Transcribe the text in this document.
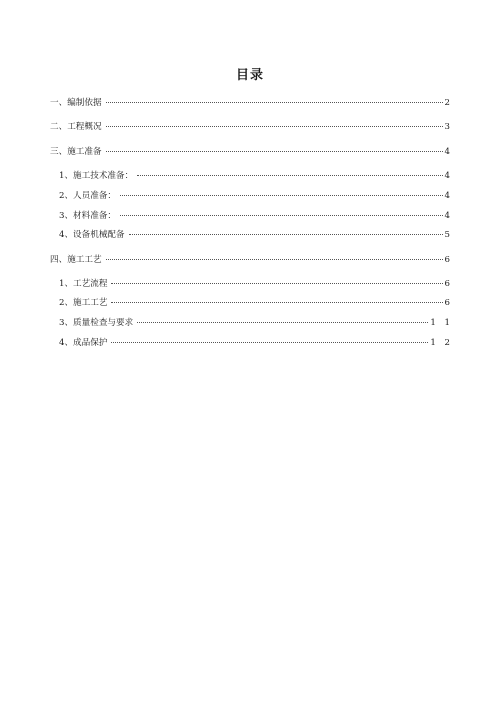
目录
一、编制依据	2
二、工程概况	3
三、施工准备	4
1、施工技术准备：	4
2、人员准备：	4
3、材料准备：	4
4、设备机械配备	5
四、施工工艺	6
1、工艺流程	6
2、施工工艺	6
3、质量检查与要求	1 1
4、成品保护	1 2
